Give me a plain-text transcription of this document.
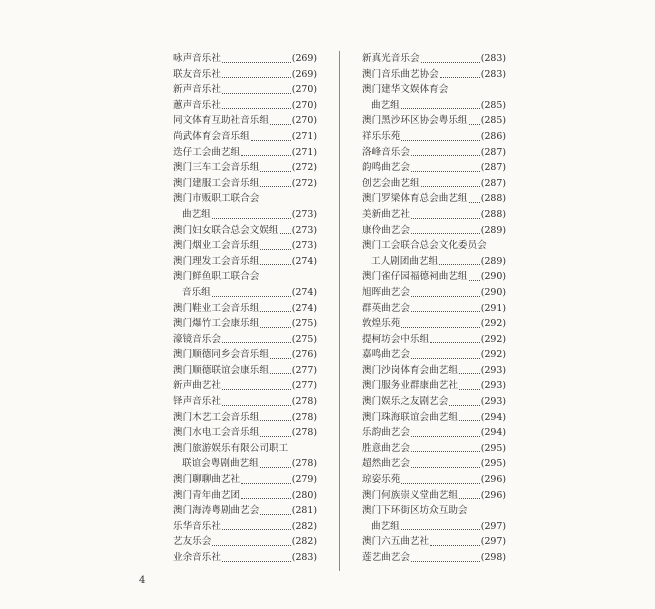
咏声音乐社	(269)
联友音乐社	(269)
新声音乐社	(270)
蕙声音乐社	(270)
同文体育互助社音乐组 (270)
尚武体育会音乐组	(271)
迭仔工会曲艺组	(271)
澳门三车工会音乐组	(272)
澳门建服工会音乐组	(272)
澳门市贩职工联合会
曲艺组	(273)
澳门妇女联合总会文娱组 (273)
澳门烟业工会音乐组	(273)
澳门理发工会音乐组	(274)
澳门鲜鱼职工联合会
音乐组	(274)
澳门鞋业工会音乐组	(274)
澳门爆竹工会康乐组	(275)
濠镜音乐会	(275)
澳门顺德同乡会音乐组 (276)
澳门顺德联谊会康乐组 (277)
新声曲艺社	(277)
铎声音乐社	(278)
澳门木艺工会音乐组	(278)
澳门水电工会音乐组	(278)
澳门旅游娱乐有限公司职工
联谊会粤剧曲艺组	(278)
澳门聊聊曲艺社	(279)
澳门青年曲艺团	(280)
澳门海涛粤剧曲艺会	(281)
乐华音乐社	(282)
艺友乐会	(282)
业余音乐社	(283)
新真光音乐会	(283)
澳门音乐曲艺协会	(283)
澳门建华文娱体育会
曲艺组	(285)
澳门黑沙环区协会粤乐组 (285)
祥乐乐苑	(286)
洛峰音乐会	(287)
韵鸣曲艺会	(287)
创艺会曲艺组	(287)
澳门罗梁体育总会曲艺组 (288)
美新曲艺社	(288)
康伶曲艺会	(289)
澳门工会联合总会文化委员会
工人剧团曲艺组	(289)
澳门雀仔园福德祠曲艺组 (290)
旭晖曲艺会	(290)
群英曲艺会	(291)
敦煌乐苑	(292)
提柯坊会中乐组	(292)
嘉鸣曲艺会	(292)
澳门沙岗体育会曲艺组 (293)
澳门服务业群康曲艺社 (293)
澳门娱乐之友剧艺会	(293)
澳门珠海联谊会曲艺组 (294)
乐韵曲艺会	(294)
胜意曲艺会	(295)
超然曲艺会	(295)
琼姿乐苑	(296)
澳门何族崇义堂曲艺组 (296)
澳门下环街区坊众互助会
曲艺组	(297)
澳门六五曲艺社	(297)
莲艺曲艺会	(298)
4
